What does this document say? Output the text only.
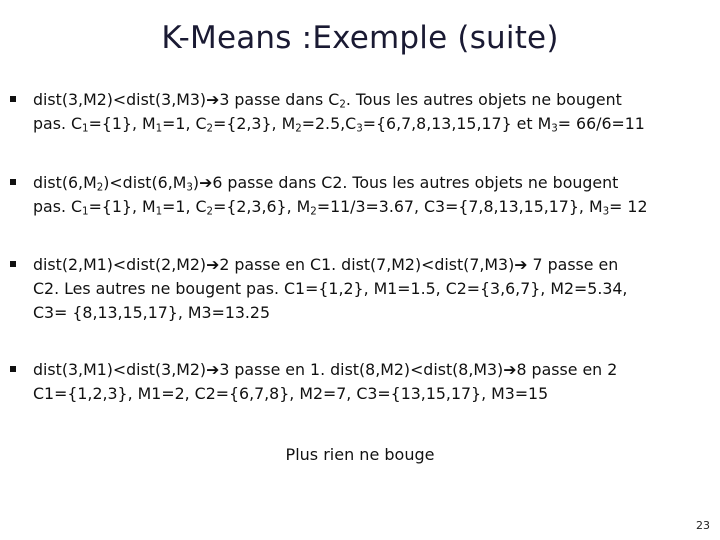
K-Means :Exemple (suite)

dist(3,M2)<dist(3,M3)➔3 passe dans $C_2$. Tous les autres objets ne bougent

pas. $C_1=\{1\}$, $M_1=1$, $C_2=\{2,3\}$, $M_2=2.5,C_3=\{6,7,8,13,15,17\}$ et $M_3= 66/6=11$

$dist(6,M_2)<dist(6,M_3)➔6$ passe dans C2. Tous les autres objets ne bougent

pas. $C_1=\{1\}$, $M_1=1$, $C_2=\{2,3,6\}$, $M_2=11/3=3.67$, C3={7,8,13,15,17}, $M_3= 12$

dist(2,M1)<dist(2,M2)➔2 passe en C1. dist(7,M2)<dist(7,M3)➔ 7 passe en

C2. Les autres ne bougent pas. C1={1,2}, M1=1.5, C2={3,6,7}, M2=5.34,

C3= {8,13,15,17}, M3=13.25

dist(3,M1)<dist(3,M2)➔3 passe en 1. dist(8,M2)<dist(8,M3)➔8 passe en 2

C1={1,2,3}, M1=2, C2={6,7,8}, M2=7, C3={13,15,17}, M3=15

Plus rien ne bouge
23
